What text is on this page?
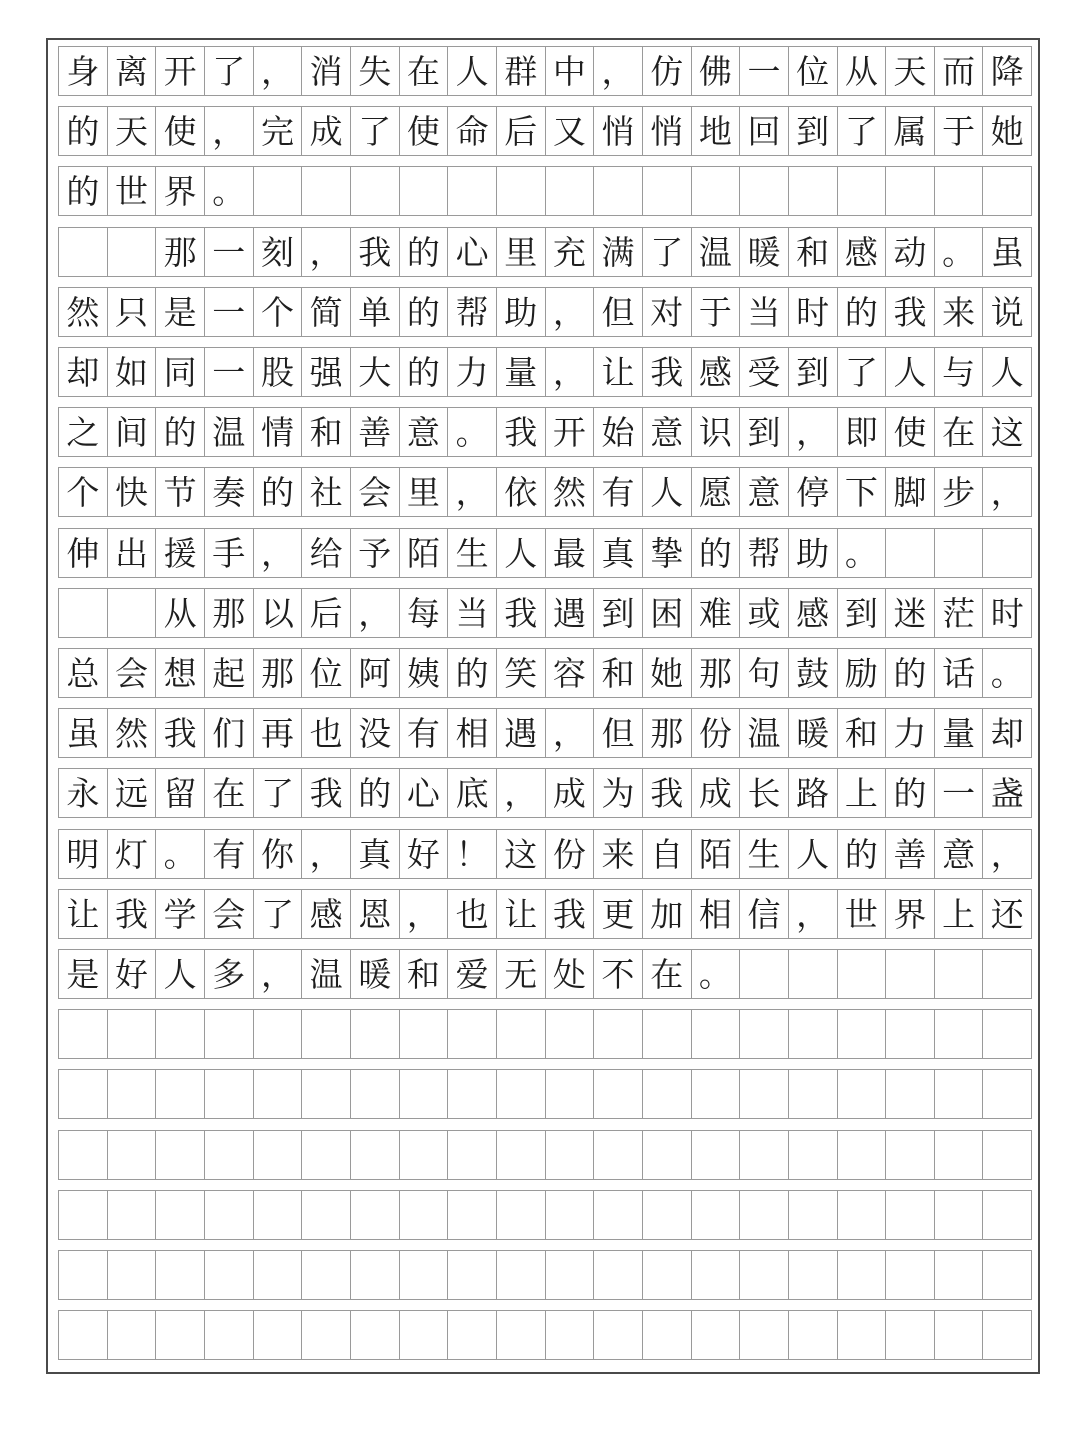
身 离 开 了 ， 消 失 在 人 群 中 ， 仿 佛 一 位 从 天 而 降
的 天 使 ， 完 成 了 使 命 后 又 悄 悄 地 回 到 了 属 于 她
的 世 界 。
那 一 刻 ， 我 的 心 里 充 满 了 温 暖 和 感 动 。 虽
然 只 是 一 个 简 单 的 帮 助 ， 但 对 于 当 时 的 我 来 说
却 如 同 一 股 强 大 的 力 量 ， 让 我 感 受 到 了 人 与 人
之 间 的 温 情 和 善 意 。 我 开 始 意 识 到 ， 即 使 在 这
个 快 节 奏 的 社 会 里 ， 依 然 有 人 愿 意 停 下 脚 步 ，
伸 出 援 手 ， 给 予 陌 生 人 最 真 挚 的 帮 助 。
从 那 以 后 ， 每 当 我 遇 到 困 难 或 感 到 迷 茫 时
总 会 想 起 那 位 阿 姨 的 笑 容 和 她 那 句 鼓 励 的 话 。
虽 然 我 们 再 也 没 有 相 遇 ， 但 那 份 温 暖 和 力 量 却
永 远 留 在 了 我 的 心 底 ， 成 为 我 成 长 路 上 的 一 盏
明 灯 。 有 你 ， 真 好 ！ 这 份 来 自 陌 生 人 的 善 意 ，
让 我 学 会 了 感 恩 ， 也 让 我 更 加 相 信 ， 世 界 上 还
是 好 人 多 ， 温 暖 和 爱 无 处 不 在 。
